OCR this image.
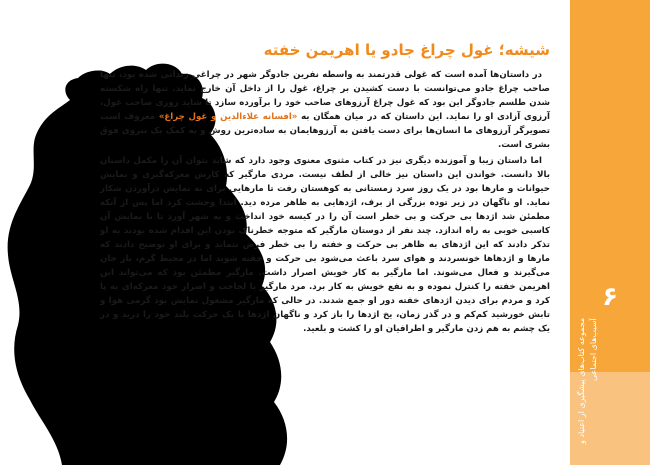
شیشه؛ غول چراغ جادو یا اهریمن خفته

در داستان‌ها آمده است که غولی قدرتمند به واسطه نفرین جادوگر شهر در چراغی زندانی شده بود، تنها صاحب چراغ جادو می‌توانست با دست کشیدن بر چراغ، غول را از داخل آن خارج نماید. تنها راه شکسته شدن طلسم جادوگر این بود که غول چراغ آرزوهای صاحب خود را برآورده سازد تا شاید روزی صاحب غول، آرزوی آزادی او را نماید. این داستان که در میان همگان به «افسانه علاءالدین و غول چراغ» معروف است تصویرگر آرزوهای ما انسان‌ها برای دست یافتن به آرزوهایمان به ساده‌ترین روش و به کمک یک نیروی فوق بشری است.

اما داستان زیبا و آموزنده دیگری نیز در کتاب مثنوی معنوی وجود دارد که شاید بتوان آن را مکمل داستان بالا دانست. خواندن این داستان نیز خالی از لطف نیست. مردی مارگیر که کارش معرکه‌گیری و نمایش حیوانات و مارها بود در یک روز سرد زمستانی به کوهستان رفت تا مارهایی برای به نمایش درآوردن شکار نماید. او ناگهان در زیر توده بزرگی از برف، اژدهایی به ظاهر مرده دید. ابتدا وحشت کرد اما پس از آنکه مطمئن شد اژدها بی حرکت و بی خطر است آن را در کیسه خود انداخت و به شهر آورد تا با نمایش آن کاسبی خوبی به راه اندازد. چند نفر از دوستان مارگیر که متوجه خطرناک بودن این اقدام شده بودند به او تذکر دادند که این اژدهای به ظاهر بی حرکت و خفته را بی خطر فرض ننماید و برای او توضیح دادند که مارها و اژدهاها خونسردند و هوای سرد باعث می‌شود بی حرکت و خفته شوند اما در محیط گرم، باز جان می‌گیرند و فعال می‌شوند. اما مارگیر به کار خویش اصرار داشت. مارگیر مطمئن بود که می‌تواند این اهریمن خفته را کنترل نموده و به نفع خویش به کار برد. مرد مارگیر با لجاجت و اصرار خود معرکه‌ای به پا کرد و مردم برای دیدن اژدهای خفته دور او جمع شدند. در حالی که مارگیر مشغول نمایش بود گرمی هوا و تابش خورشید کم‌کم و در گذر زمان، یخ اژدها را باز کرد و ناگهان اژدها با یک حرکت بلند خود را درید و در یک چشم به هم زدن مارگیر و اطرافیان او را کشت و بلعید.

۶
مجموعه کتاب‌های پیشگیری از اعتیاد و آسیب‌های اجتماعی
